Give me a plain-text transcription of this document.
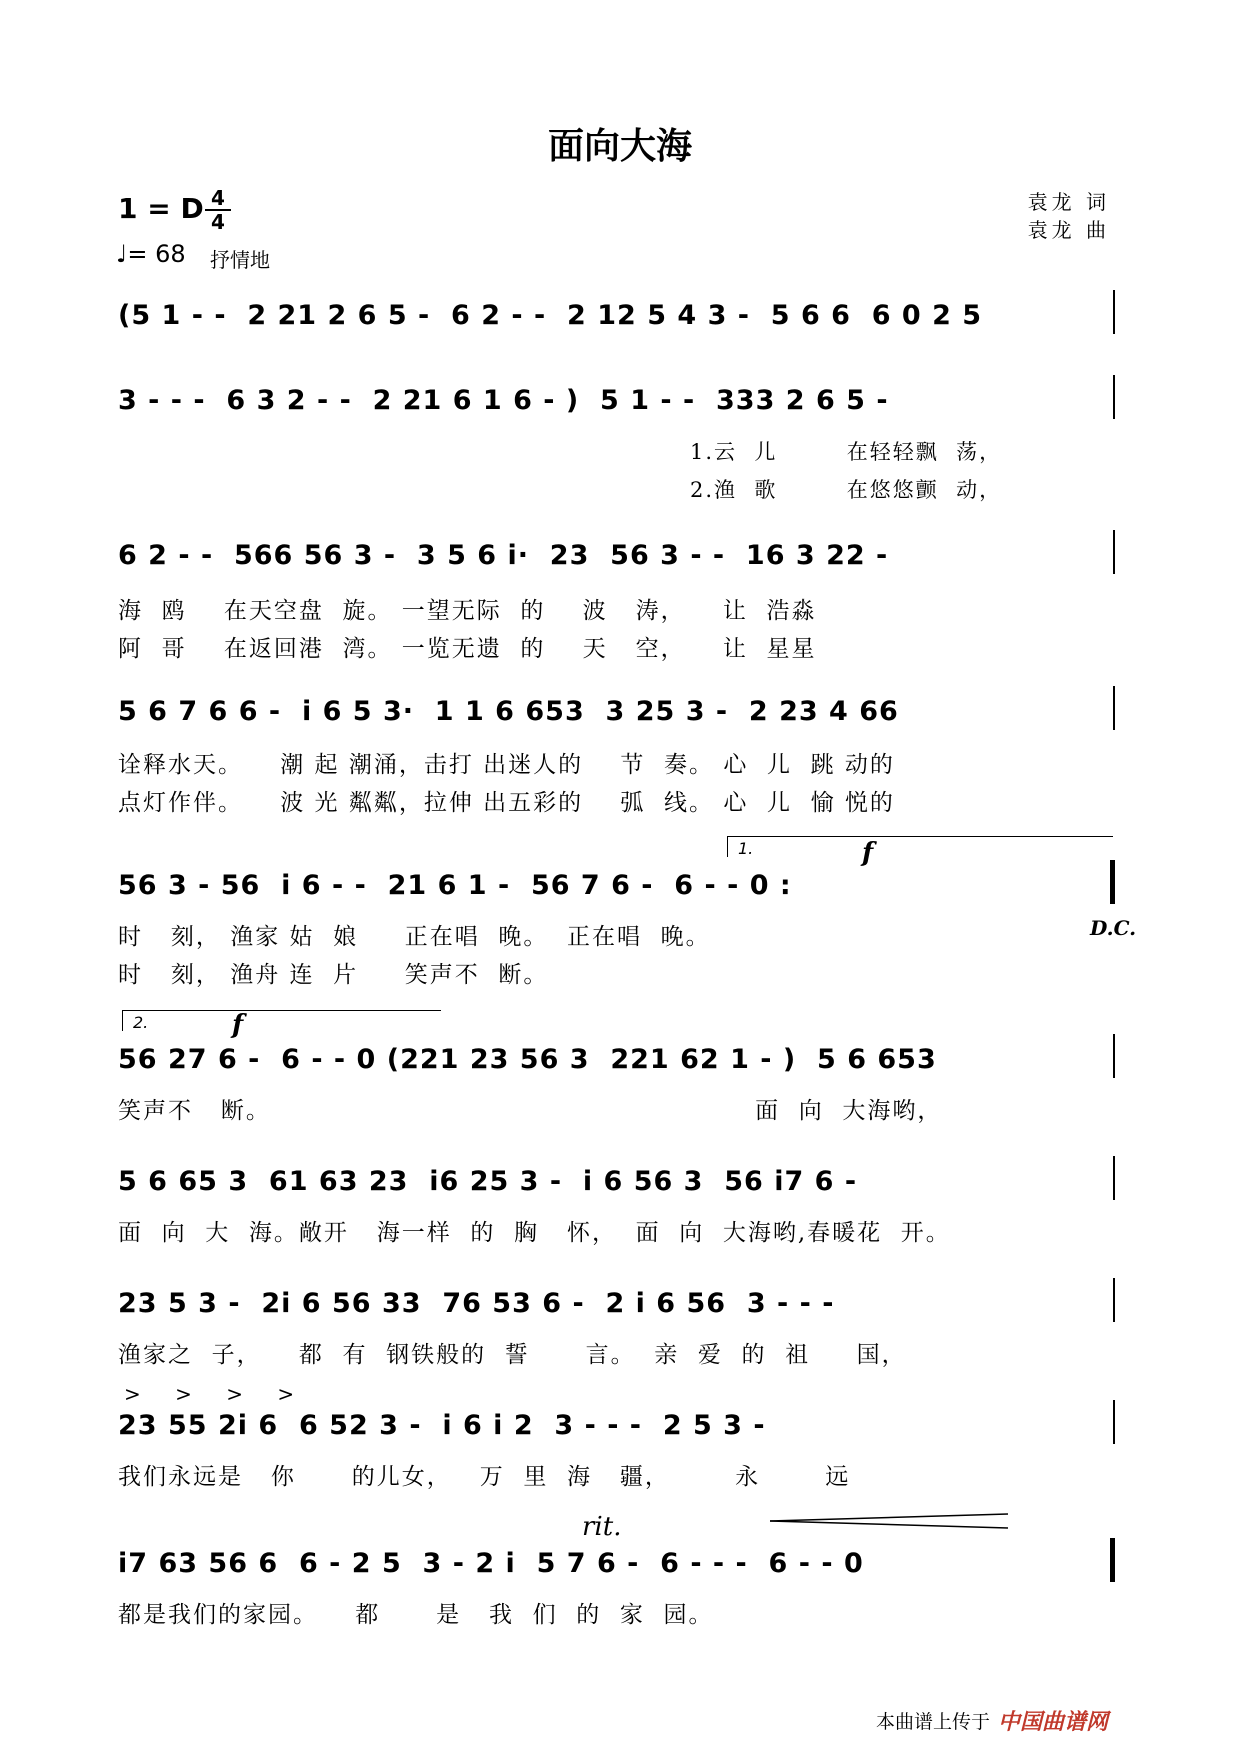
面向大海
1 = D 4
4
♩= 68 抒情地
袁龙 词
袁龙 曲
(5 1 - -  2 21 2 6 5 -  6 2 - -  2 12 5 4 3 -  5 6 6  6 0 2 5
3 - - -  6 3 2 - -  2 21 6 1 6 - )  5 1 - -  333 2 6 5 -
1.云  儿        在轻轻飘  荡，
2.渔  歌        在悠悠颤  动，
6 2 - -  566 56 3 -  3 5 6 i·  23  56 3 - -  16 3 22 -
海  鸥    在天空盘  旋。 一望无际  的    波   涛，    让  浩淼
阿  哥    在返回港  湾。 一览无遗  的    天   空，    让  星星
5 6 7 6 6 -  i 6 5 3·  1 1 6 653  3 25 3 -  2 23 4 66
诠释水天。    潮 起 潮涌，击打 出迷人的    节  奏。 心  儿  跳 动的
点灯作伴。    波 光 粼粼，拉伸 出五彩的    弧  线。 心  儿  愉 悦的
1.	f
56 3 - 56  i 6 - -  21 6 1 -  56 7 6 -  6 - - 0 :
D.C.
时   刻， 渔家 姑  娘     正在唱  晚。  正在唱  晚。
时   刻， 渔舟 连  片     笑声不  断。
2.	f
56 27 6 -  6 - - 0 (221 23 56 3  221 62 1 - )  5 6 653
笑声不   断。                                                    面  向  大海哟，
5 6 65 3  61 63 23  i6 25 3 -  i 6 56 3  56 i7 6 -
面  向  大  海。敞开   海一样  的  胸   怀，  面  向  大海哟,春暖花  开。
23 5 3 -  2i 6 56 33  76 53 6 -  2 i 6 56  3 - - -
渔家之  子，    都  有  钢铁般的  誓      言。  亲  爱  的  祖     国，
> > > >
23 55 2i 6  6 52 3 -  i 6 i 2  3 - - -  2 5 3 -
我们永远是   你      的儿女，   万  里  海   疆，       永       远
rit.
i7 63 56 6  6 - 2 5  3 - 2 i  5 7 6 -  6 - - -  6 - - 0
都是我们的家园。    都      是   我  们  的  家  园。
本曲谱上传于 中国曲谱网
